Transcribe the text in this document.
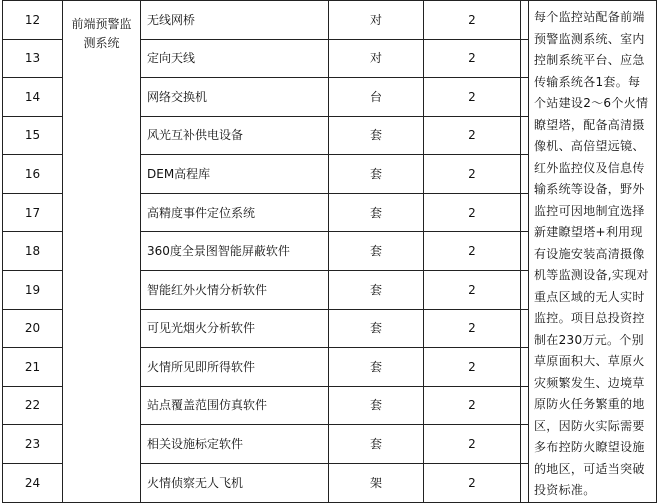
12	前端预警监测系统	无线网桥	对	2		每个监控站配备前端预警监测系统、室内控制系统平台、应急传输系统各1套。每个站建设2～6个火情瞭望塔，配备高清摄像机、高倍望远镜、红外监控仪及信息传输系统等设备，野外监控可因地制宜选择新建瞭望塔+利用现有设施安装高清摄像机等监测设备,实现对重点区域的无人实时监控。项目总投资控制在230万元。个别草原面积大、草原火灾频繁发生、边境草原防火任务繁重的地区，因防火实际需要多布控防火瞭望设施的地区，可适当突破投资标准。
13		定向天线	对	2		
14		网络交换机	台	2		
15		风光互补供电设备	套	2		
16		DEM高程库	套	2		
17		高精度事件定位系统	套	2		
18		360度全景图智能屏蔽软件	套	2		
19		智能红外火情分析软件	套	2		
20		可见光烟火分析软件	套	2		
21		火情所见即所得软件	套	2		
22		站点覆盖范围仿真软件	套	2		
23		相关设施标定软件	套	2		
24		火情侦察无人飞机	架	2		
